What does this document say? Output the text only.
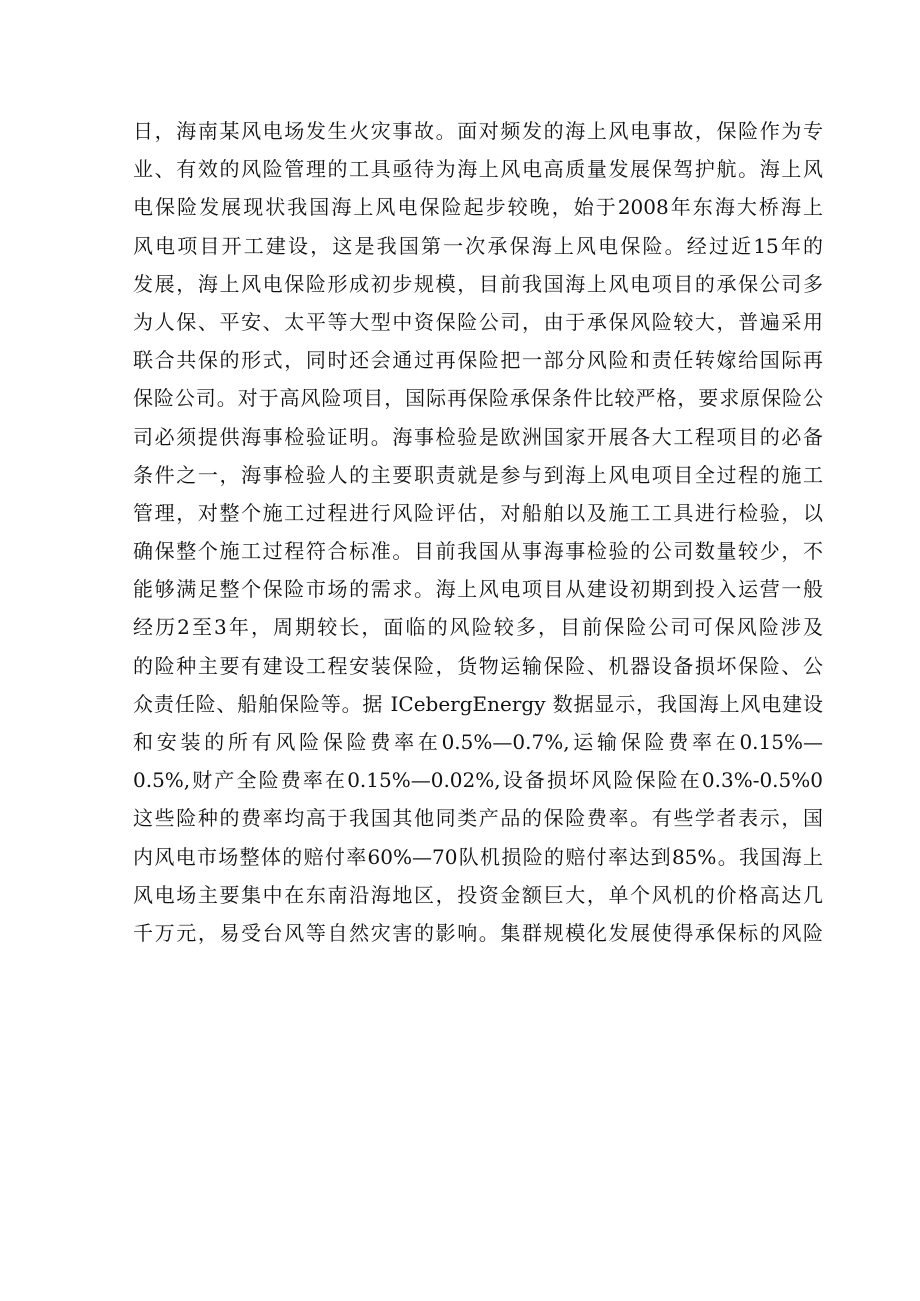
日，海南某风电场发生火灾事故。面对频发的海上风电事故，保险作为专
业、有效的风险管理的工具亟待为海上风电高质量发展保驾护航。海上风
电保险发展现状我国海上风电保险起步较晚，始于2008年东海大桥海上
风电项目开工建设，这是我国第一次承保海上风电保险。经过近15年的
发展，海上风电保险形成初步规模，目前我国海上风电项目的承保公司多
为人保、平安、太平等大型中资保险公司，由于承保风险较大，普遍采用
联合共保的形式，同时还会通过再保险把一部分风险和责任转嫁给国际再
保险公司。对于高风险项目，国际再保险承保条件比较严格，要求原保险公
司必须提供海事检验证明。海事检验是欧洲国家开展各大工程项目的必备
条件之一，海事检验人的主要职责就是参与到海上风电项目全过程的施工
管理，对整个施工过程进行风险评估，对船舶以及施工工具进行检验，以
确保整个施工过程符合标准。目前我国从事海事检验的公司数量较少，不
能够满足整个保险市场的需求。海上风电项目从建设初期到投入运营一般
经历2至3年，周期较长，面临的风险较多，目前保险公司可保风险涉及
的险种主要有建设工程安装保险，货物运输保险、机器设备损坏保险、公
众责任险、船舶保险等。据 ICebergEnergy 数据显示，我国海上风电建设
和安装的所有风险保险费率在0.5%—0.7%,运输保险费率在0.15%—
0.5%,财产全险费率在0.15%—0.02%,设备损坏风险保险在0.3%-0.5%0
这些险种的费率均高于我国其他同类产品的保险费率。有些学者表示，国
内风电市场整体的赔付率60%—70队机损险的赔付率达到85%。我国海上
风电场主要集中在东南沿海地区，投资金额巨大，单个风机的价格高达几
千万元，易受台风等自然灾害的影响。集群规模化发展使得承保标的风险
